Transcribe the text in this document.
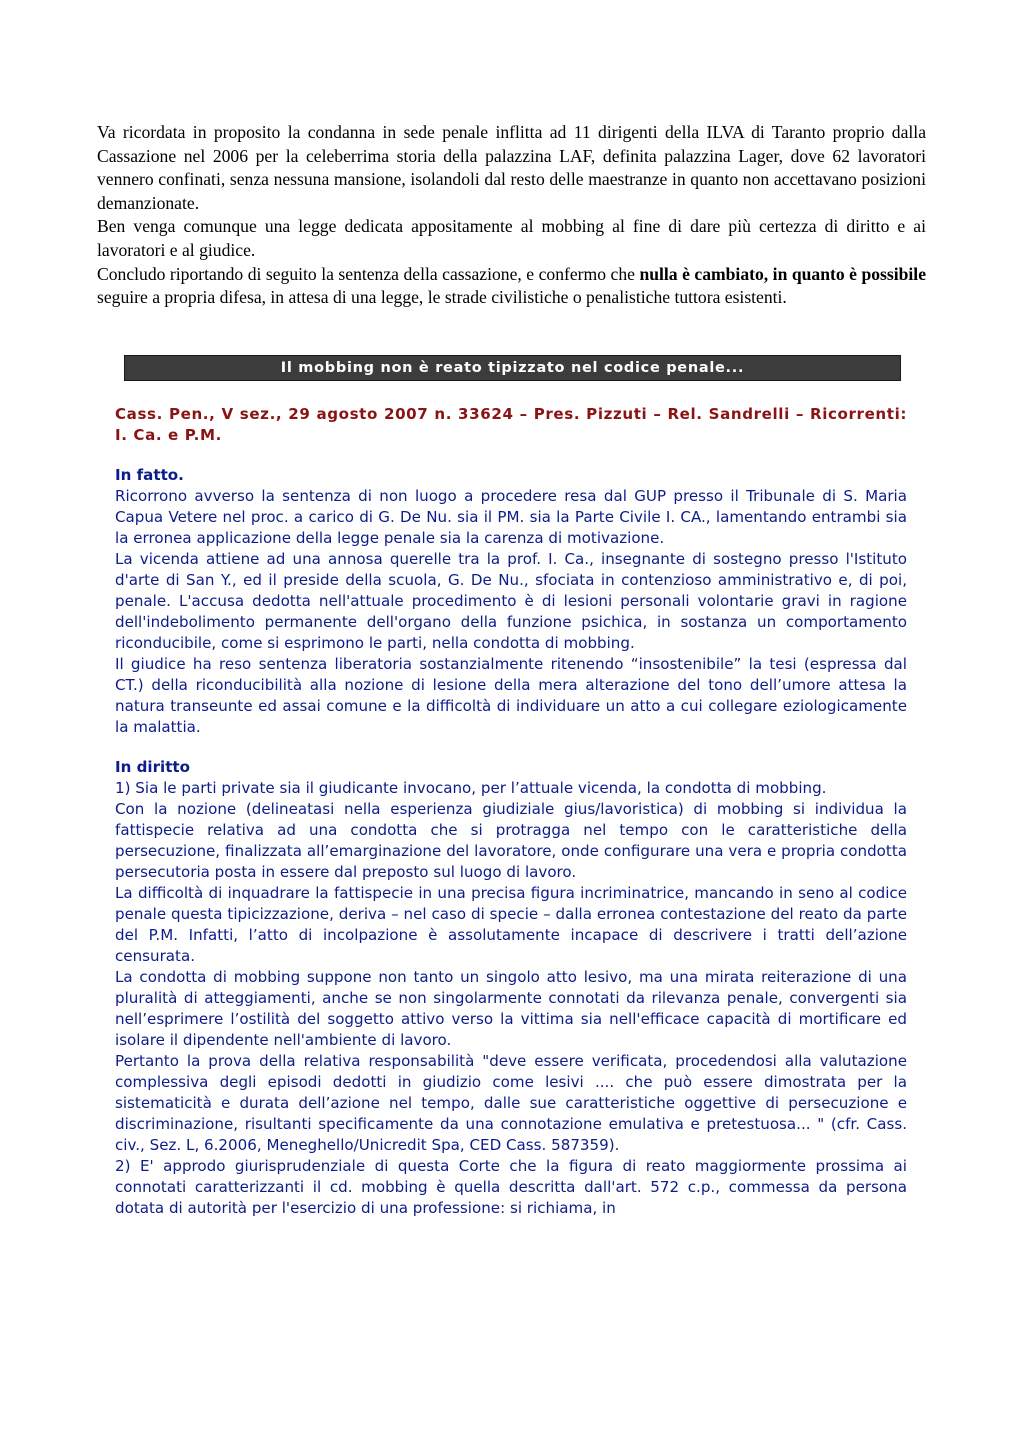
Va ricordata in proposito la condanna in sede penale inflitta ad 11 dirigenti della ILVA di Taranto proprio dalla Cassazione nel 2006 per la celeberrima storia della palazzina LAF, definita palazzina Lager, dove 62 lavoratori vennero confinati, senza nessuna mansione, isolandoli dal resto delle maestranze in quanto non accettavano posizioni demanzionate.

Ben venga comunque una legge dedicata appositamente al mobbing al fine di dare più certezza di diritto e ai lavoratori e al giudice.

Concludo riportando di seguito la sentenza della cassazione, e confermo che nulla è cambiato, in quanto è possibile seguire a propria difesa, in attesa di una legge, le strade civilistiche o penalistiche tuttora esistenti.

Il mobbing non è reato tipizzato nel codice penale...

Cass. Pen., V sez., 29 agosto 2007 n. 33624 – Pres. Pizzuti – Rel. Sandrelli – Ricorrenti: I. Ca. e P.M.

In fatto.

Ricorrono avverso la sentenza di non luogo a procedere resa dal GUP presso il Tribunale di S. Maria Capua Vetere nel proc. a carico di G. De Nu. sia il PM. sia la Parte Civile I. CA., lamentando entrambi sia la erronea applicazione della legge penale sia la carenza di motivazione.

La vicenda attiene ad una annosa querelle tra la prof. I. Ca., insegnante di sostegno presso l'Istituto d'arte di San Y., ed il preside della scuola, G. De Nu., sfociata in contenzioso amministrativo e, di poi, penale. L'accusa dedotta nell'attuale procedimento è di lesioni personali volontarie gravi in ragione dell'indebolimento permanente dell'organo della funzione psichica, in sostanza un comportamento riconducibile, come si esprimono le parti, nella condotta di mobbing.

Il giudice ha reso sentenza liberatoria sostanzialmente ritenendo “insostenibile” la tesi (espressa dal CT.) della riconducibilità alla nozione di lesione della mera alterazione del tono dell’umore attesa la natura transeunte ed assai comune e la difficoltà di individuare un atto a cui collegare eziologicamente la malattia.

In diritto

1) Sia le parti private sia il giudicante invocano, per l’attuale vicenda, la condotta di mobbing.

Con la nozione (delineatasi nella esperienza giudiziale gius/lavoristica) di mobbing si individua la fattispecie relativa ad una condotta che si protragga nel tempo con le caratteristiche della persecuzione, finalizzata all’emarginazione del lavoratore, onde configurare una vera e propria condotta persecutoria posta in essere dal preposto sul luogo di lavoro.

La difficoltà di inquadrare la fattispecie in una precisa figura incriminatrice, mancando in seno al codice penale questa tipicizzazione, deriva – nel caso di specie – dalla erronea contestazione del reato da parte del P.M. Infatti, l’atto di incolpazione è assolutamente incapace di descrivere i tratti dell’azione censurata.

La condotta di mobbing suppone non tanto un singolo atto lesivo, ma una mirata reiterazione di una pluralità di atteggiamenti, anche se non singolarmente connotati da rilevanza penale, convergenti sia nell’esprimere l’ostilità del soggetto attivo verso la vittima sia nell'efficace capacità di mortificare ed isolare il dipendente nell'ambiente di lavoro.

Pertanto la prova della relativa responsabilità "deve essere verificata, procedendosi alla valutazione complessiva degli episodi dedotti in giudizio come lesivi .... che può essere dimostrata per la sistematicità e durata dell’azione nel tempo, dalle sue caratteristiche oggettive di persecuzione e discriminazione, risultanti specificamente da una connotazione emulativa e pretestuosa... " (cfr. Cass. civ., Sez. L, 6.2006, Meneghello/Unicredit Spa, CED Cass. 587359).

2) E' approdo giurisprudenziale di questa Corte che la figura di reato maggiormente prossima ai connotati caratterizzanti il cd. mobbing è quella descritta dall'art. 572 c.p., commessa da persona dotata di autorità per l'esercizio di una professione: si richiama, in
